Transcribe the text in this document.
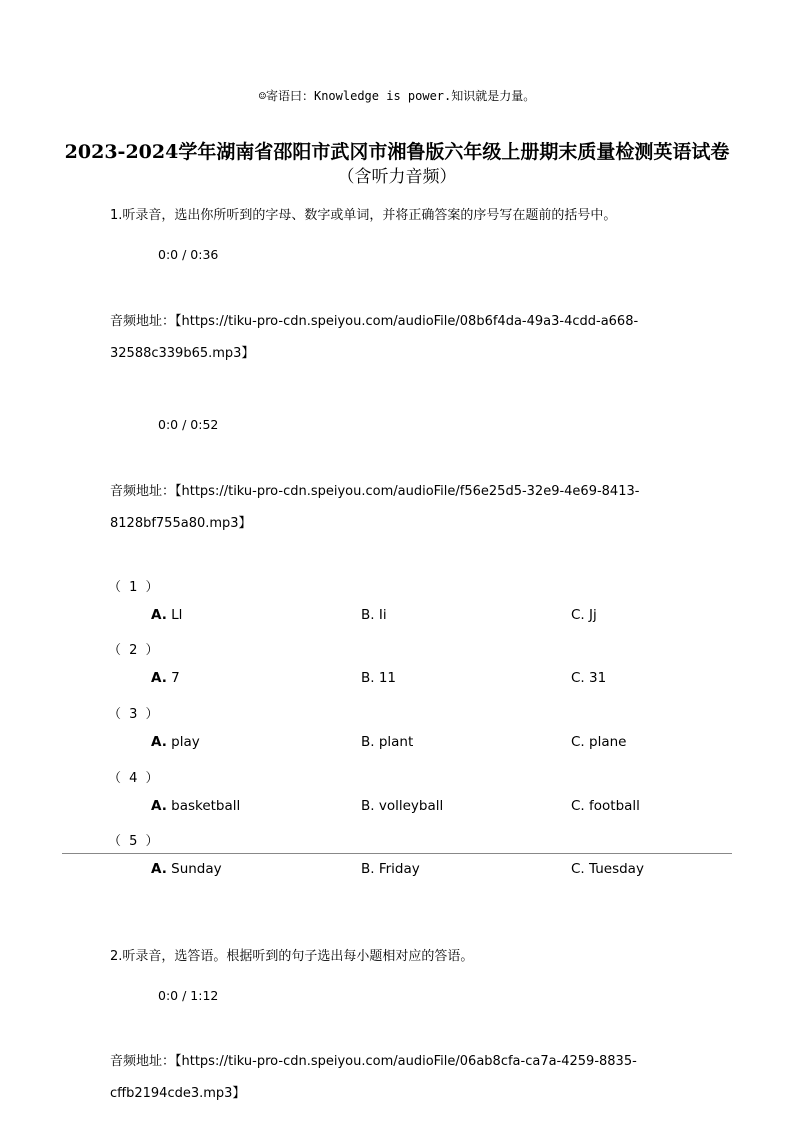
☺寄语曰：Knowledge is power.知识就是力量。
2023-2024学年湖南省邵阳市武冈市湘鲁版六年级上册期末质量检测英语试卷
（含听力音频）
1.听录音，选出你所听到的字母、数字或单词，并将正确答案的序号写在题前的括号中。
0:0 / 0:36
音频地址：【https://tiku-pro-cdn.speiyou.com/audioFile/08b6f4da-49a3-4cdd-a668-
32588c339b65.mp3】
0:0 / 0:52
音频地址：【https://tiku-pro-cdn.speiyou.com/audioFile/f56e25d5-32e9-4e69-8413-
8128bf755a80.mp3】
（ 1 ）
A. Ll	B. Ii	C. Jj
（ 2 ）
A. 7	B. 11	C. 31
（ 3 ）
A. play	B. plant	C. plane
（ 4 ）
A. basketball	B. volleyball	C. football
（ 5 ）
A. Sunday	B. Friday	C. Tuesday
2.听录音，选答语。根据听到的句子选出每小题相对应的答语。
0:0 / 1:12
音频地址：【https://tiku-pro-cdn.speiyou.com/audioFile/06ab8cfa-ca7a-4259-8835-
cffb2194cde3.mp3】
